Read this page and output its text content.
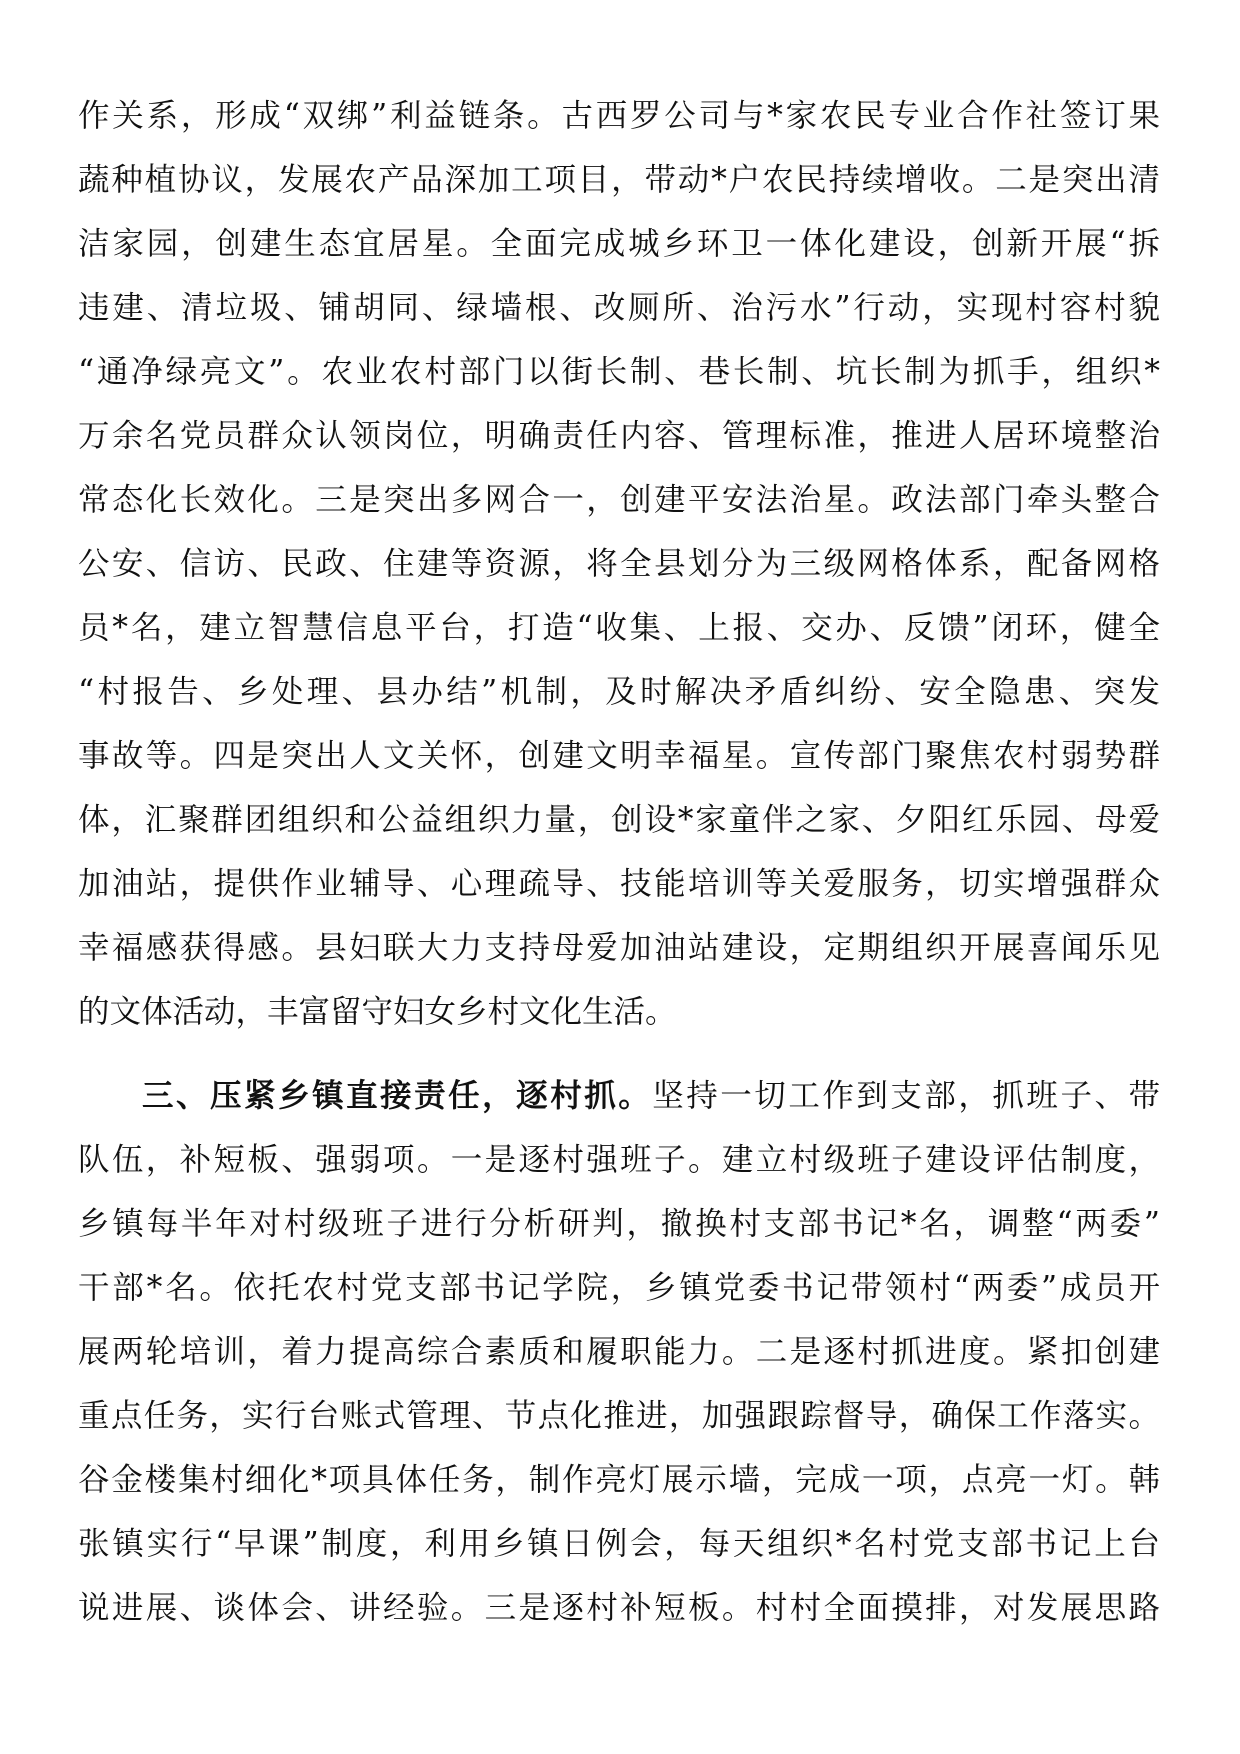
作关系，形成“双绑”利益链条。古西罗公司与*家农民专业合作社签订果
蔬种植协议，发展农产品深加工项目，带动*户农民持续增收。二是突出清
洁家园，创建生态宜居星。全面完成城乡环卫一体化建设，创新开展“拆
违建、清垃圾、铺胡同、绿墙根、改厕所、治污水”行动，实现村容村貌
“通净绿亮文”。农业农村部门以街长制、巷长制、坑长制为抓手，组织*
万余名党员群众认领岗位，明确责任内容、管理标准，推进人居环境整治
常态化长效化。三是突出多网合一，创建平安法治星。政法部门牵头整合
公安、信访、民政、住建等资源，将全县划分为三级网格体系，配备网格
员*名，建立智慧信息平台，打造“收集、上报、交办、反馈”闭环，健全
“村报告、乡处理、县办结”机制，及时解决矛盾纠纷、安全隐患、突发
事故等。四是突出人文关怀，创建文明幸福星。宣传部门聚焦农村弱势群
体，汇聚群团组织和公益组织力量，创设*家童伴之家、夕阳红乐园、母爱
加油站，提供作业辅导、心理疏导、技能培训等关爱服务，切实增强群众
幸福感获得感。县妇联大力支持母爱加油站建设，定期组织开展喜闻乐见
的文体活动，丰富留守妇女乡村文化生活。
三、压紧乡镇直接责任，逐村抓。坚持一切工作到支部，抓班子、带
队伍，补短板、强弱项。一是逐村强班子。建立村级班子建设评估制度，
乡镇每半年对村级班子进行分析研判，撤换村支部书记*名，调整“两委”
干部*名。依托农村党支部书记学院，乡镇党委书记带领村“两委”成员开
展两轮培训，着力提高综合素质和履职能力。二是逐村抓进度。紧扣创建
重点任务，实行台账式管理、节点化推进，加强跟踪督导，确保工作落实。
谷金楼集村细化*项具体任务，制作亮灯展示墙，完成一项，点亮一灯。韩
张镇实行“早课”制度，利用乡镇日例会，每天组织*名村党支部书记上台
说进展、谈体会、讲经验。三是逐村补短板。村村全面摸排，对发展思路
